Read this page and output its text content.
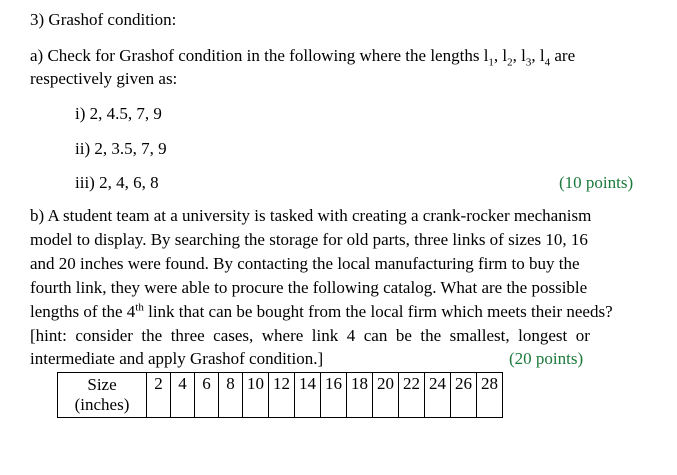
3) Grashof condition:
a) Check for Grashof condition in the following where the lengths $l_1$, $l_2$, $l_3$, $l_4$ are
respectively given as:
i) 2, 4.5, 7, 9
ii) 2, 3.5, 7, 9
iii) 2, 4, 6, 8	(10 points)
b) A student team at a university is tasked with creating a crank-rocker mechanism
model to display. By searching the storage for old parts, three links of sizes 10, 16
and 20 inches were found. By contacting the local manufacturing firm to buy the
fourth link, they were able to procure the following catalog. What are the possible
lengths of the 4th link that can be bought from the local firm which meets their needs?
[hint:  consider  the  three  cases,  where  link  4  can  be  the  smallest,  longest  or
intermediate and apply Grashof condition.]	(20 points)
Size
(inches)
	2	4	6	8	10	12	14	16	18	20	22	24	26	28
